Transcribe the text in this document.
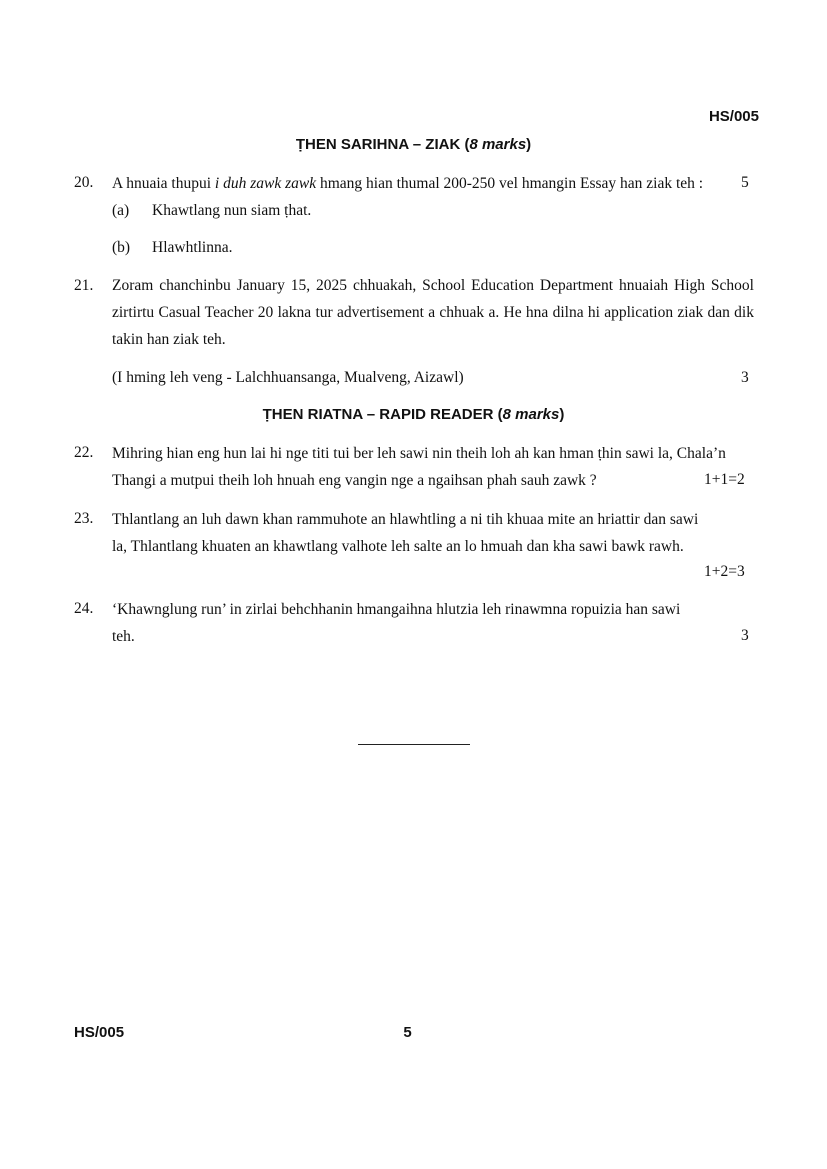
HS/005
ṬHEN SARIHNA – ZIAK (8 marks)
20. A hnuaia thupui i duh zawk zawk hmang hian thumal 200-250 vel hmangin Essay han ziak teh : 5
(a) Khawtlang nun siam ṭhat.
(b) Hlawhtlinna.
21. Zoram chanchinbu January 15, 2025 chhuakah, School Education Department hnuaiah High School zirtirtu Casual Teacher 20 lakna tur advertisement a chhuak a. He hna dilna hi application ziak dan dik takin han ziak teh.
(I hming leh veng - Lalchhuansanga, Mualveng, Aizawl)	3
ṬHEN RIATNA – RAPID READER (8 marks)
22. Mihring hian eng hun lai hi nge titi tui ber leh sawi nin theih loh ah kan hman ṭhin sawi la, Chala’n
Thangi a mutpui theih loh hnuah eng vangin nge a ngaihsan phah sauh zawk ?	1+1=2
23. Thlantlang an luh dawn khan rammuhote an hlawhtling a ni tih khuaa mite an hriattir dan sawi
la, Thlantlang khuaten an khawtlang valhote leh salte an lo hmuah dan kha sawi bawk rawh.
1+2=3
24. ‘Khawnglung run’ in zirlai behchhanin hmangaihna hlutzia leh rinawmna ropuizia han sawi
teh.	3
HS/005	5
